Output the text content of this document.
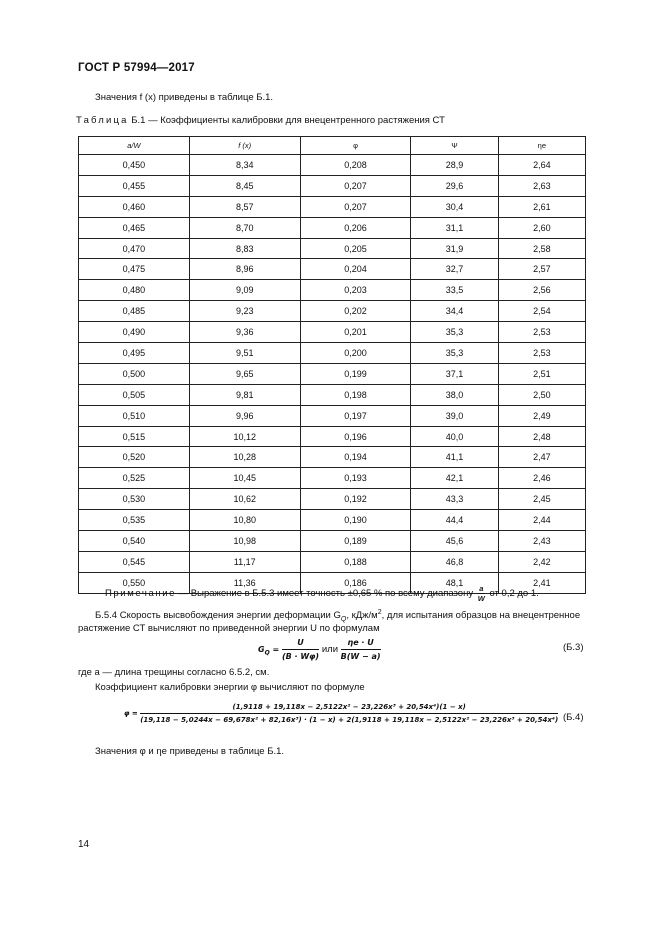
ГОСТ Р 57994—2017
Значения f (x) приведены в таблице Б.1.
Таблица Б.1 — Коэффициенты калибровки для внецентренного растяжения СТ
a/W	f (x)	φ	Ψ	ηe
0,450	8,34	0,208	28,9	2,64
0,455	8,45	0,207	29,6	2,63
0,460	8,57	0,207	30,4	2,61
0,465	8,70	0,206	31,1	2,60
0,470	8,83	0,205	31,9	2,58
0,475	8,96	0,204	32,7	2,57
0,480	9,09	0,203	33,5	2,56
0,485	9,23	0,202	34,4	2,54
0,490	9,36	0,201	35,3	2,53
0,495	9,51	0,200	35,3	2,53
0,500	9,65	0,199	37,1	2,51
0,505	9,81	0,198	38,0	2,50
0,510	9,96	0,197	39,0	2,49
0,515	10,12	0,196	40,0	2,48
0,520	10,28	0,194	41,1	2,47
0,525	10,45	0,193	42,1	2,46
0,530	10,62	0,192	43,3	2,45
0,535	10,80	0,190	44,4	2,44
0,540	10,98	0,189	45,6	2,43
0,545	11,17	0,188	46,8	2,42
0,550	11,36	0,186	48,1	2,41
Примечание — Выражение в Б.5.3 имеет точность ±0,65 % по всему диапазону $\frac{a}{W}$ от 0,2 до 1.
Б.5.4 Скорость высвобождения энергии деформации $G_Q$, кДж/$м^2$, для испытания образцов на внецентренное
растяжение СТ вычисляют по приведенной энергии U по формулам
$G_Q = \frac{U}{(B \cdot W\varphi)}$ или $\frac{\eta e \cdot U}{B(W - a)}$	(Б.3)
где a — длина трещины согласно 6.5.2, см.
Коэффициент калибровки энергии φ вычисляют по формуле
φ =
(1,9118 + 19,118x − 2,5122x² − 23,226x³ + 20,54x⁴)(1 − x)
(19,118 − 5,0244x − 69,678x² + 82,16x³) · (1 − x) + 2(1,9118 + 19,118x − 2,5122x² − 23,226x³ + 20,54x⁴) (Б.4)
Значения φ и ηe приведены в таблице Б.1.
14
